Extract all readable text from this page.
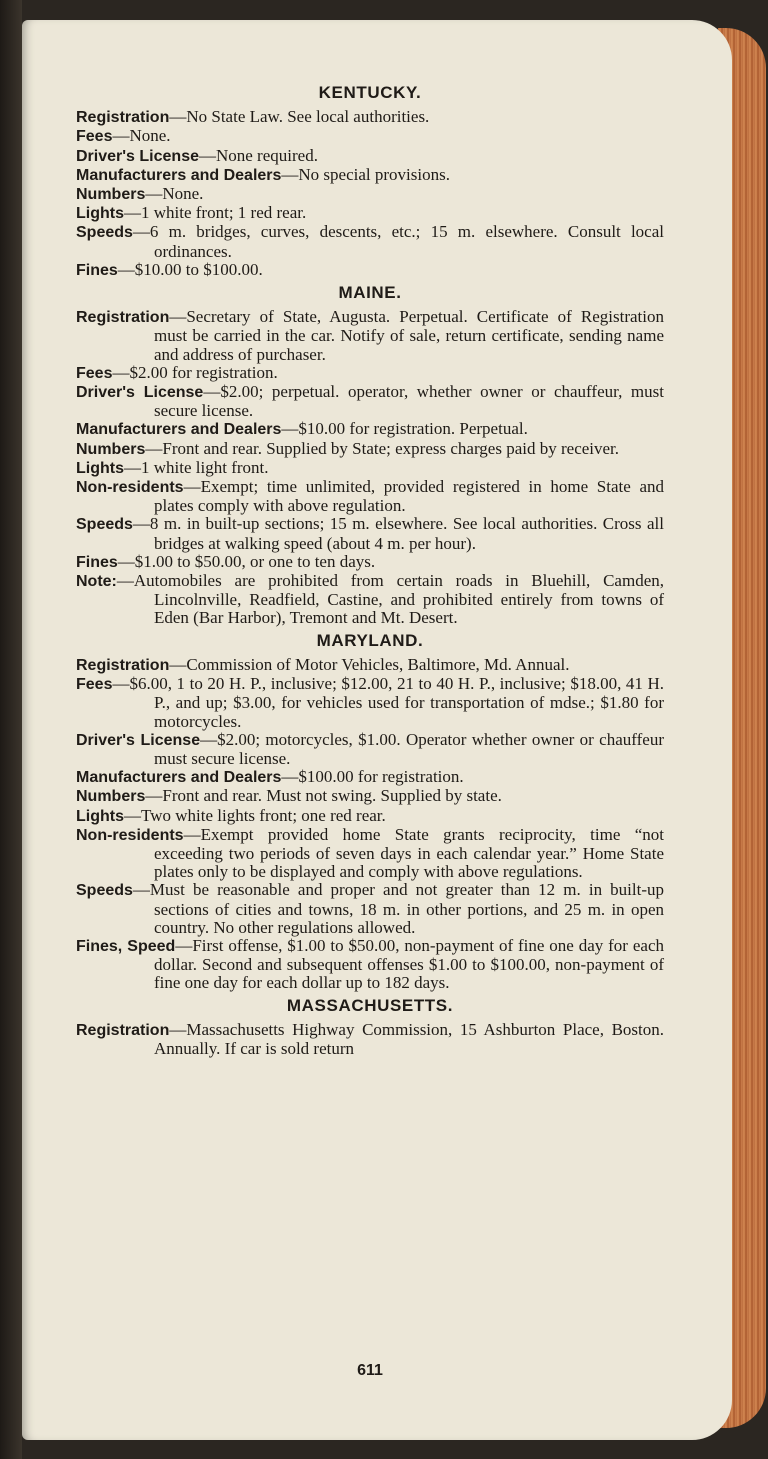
KENTUCKY.

Registration—No State Law. See local authorities.

Fees—None.

Driver's License—None required.

Manufacturers and Dealers—No special provisions.

Numbers—None.

Lights—1 white front; 1 red rear.

Speeds—6 m. bridges, curves, descents, etc.; 15 m. elsewhere. Consult local ordinances.

Fines—$10.00 to $100.00.

MAINE.

Registration—Secretary of State, Augusta. Perpetual. Certificate of Registration must be carried in the car. Notify of sale, return certificate, sending name and address of purchaser.

Fees—$2.00 for registration.

Driver's License—$2.00; perpetual. operator, whether owner or chauffeur, must secure license.

Manufacturers and Dealers—$10.00 for registration. Perpetual.

Numbers—Front and rear. Supplied by State; express charges paid by receiver.

Lights—1 white light front.

Non-residents—Exempt; time unlimited, provided registered in home State and plates comply with above regulation.

Speeds—8 m. in built-up sections; 15 m. elsewhere. See local authorities. Cross all bridges at walking speed (about 4 m. per hour).

Fines—$1.00 to $50.00, or one to ten days.

Note:—Automobiles are prohibited from certain roads in Bluehill, Camden, Lincolnville, Readfield, Castine, and prohibited entirely from towns of Eden (Bar Harbor), Tremont and Mt. Desert.

MARYLAND.

Registration—Commission of Motor Vehicles, Baltimore, Md. Annual.

Fees—$6.00, 1 to 20 H. P., inclusive; $12.00, 21 to 40 H. P., inclusive; $18.00, 41 H. P., and up; $3.00, for vehicles used for transportation of mdse.; $1.80 for motorcycles.

Driver's License—$2.00; motorcycles, $1.00. Operator whether owner or chauffeur must secure license.

Manufacturers and Dealers—$100.00 for registration.

Numbers—Front and rear. Must not swing. Supplied by state.

Lights—Two white lights front; one red rear.

Non-residents—Exempt provided home State grants reciprocity, time “not exceeding two periods of seven days in each calendar year.” Home State plates only to be displayed and comply with above regulations.

Speeds—Must be reasonable and proper and not greater than 12 m. in built-up sections of cities and towns, 18 m. in other portions, and 25 m. in open country. No other regulations allowed.

Fines, Speed—First offense, $1.00 to $50.00, non-payment of fine one day for each dollar. Second and subsequent offenses $1.00 to $100.00, non-payment of fine one day for each dollar up to 182 days.

MASSACHUSETTS.

Registration—Massachusetts Highway Commission, 15 Ashburton Place, Boston. Annually. If car is sold return

611
